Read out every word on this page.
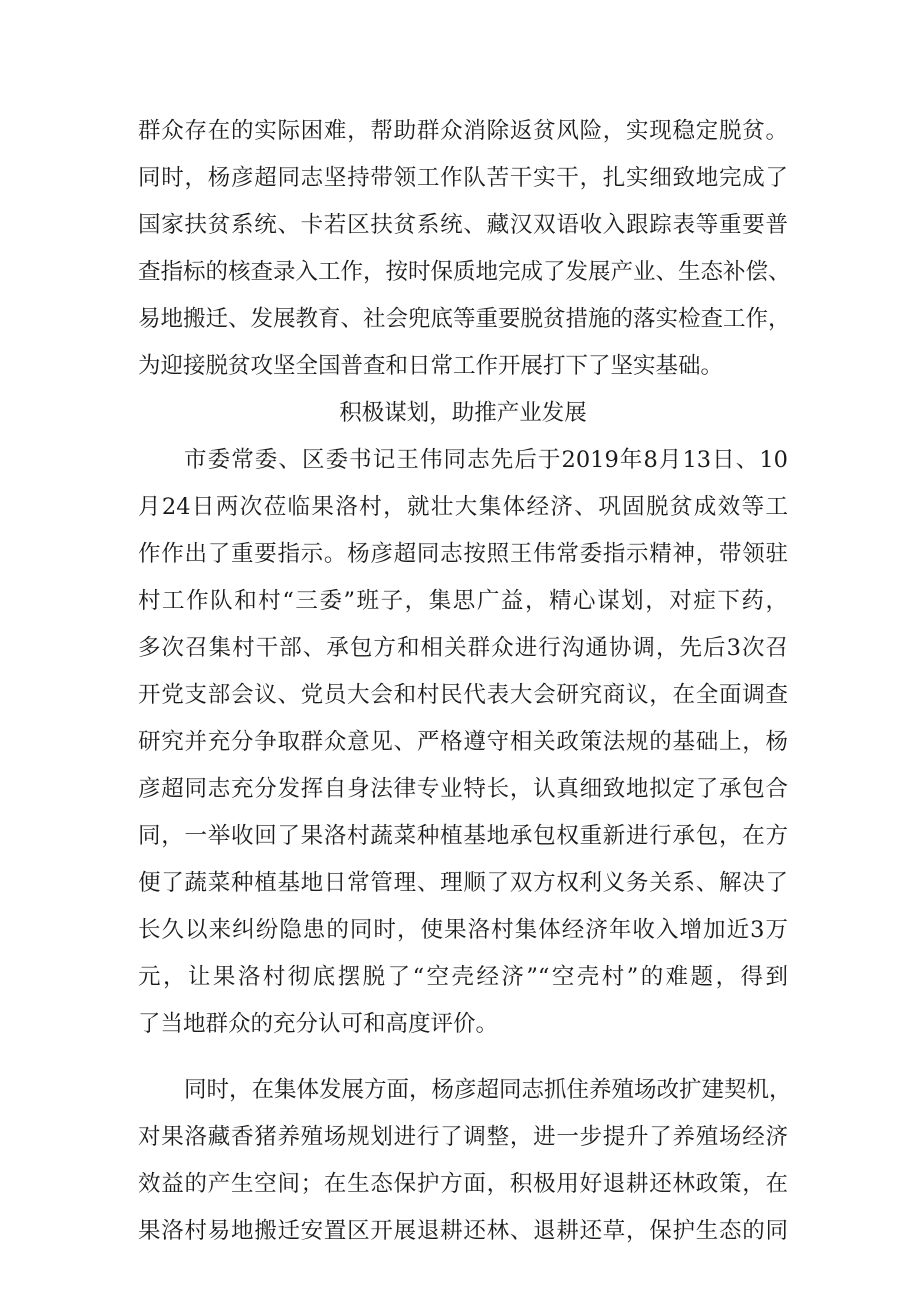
群众存在的实际困难，帮助群众消除返贫风险，实现稳定脱贫。
同时，杨彦超同志坚持带领工作队苦干实干，扎实细致地完成了
国家扶贫系统、卡若区扶贫系统、藏汉双语收入跟踪表等重要普
查指标的核查录入工作，按时保质地完成了发展产业、生态补偿、
易地搬迁、发展教育、社会兜底等重要脱贫措施的落实检查工作，
为迎接脱贫攻坚全国普查和日常工作开展打下了坚实基础。
积极谋划，助推产业发展
市委常委、区委书记王伟同志先后于2019年8月13日、10
月24日两次莅临果洛村，就壮大集体经济、巩固脱贫成效等工
作作出了重要指示。杨彦超同志按照王伟常委指示精神，带领驻
村工作队和村“三委”班子，集思广益，精心谋划，对症下药，
多次召集村干部、承包方和相关群众进行沟通协调，先后3次召
开党支部会议、党员大会和村民代表大会研究商议，在全面调查
研究并充分争取群众意见、严格遵守相关政策法规的基础上，杨
彦超同志充分发挥自身法律专业特长，认真细致地拟定了承包合
同，一举收回了果洛村蔬菜种植基地承包权重新进行承包，在方
便了蔬菜种植基地日常管理、理顺了双方权利义务关系、解决了
长久以来纠纷隐患的同时，使果洛村集体经济年收入增加近3万
元，让果洛村彻底摆脱了“空壳经济”“空壳村”的难题，得到
了当地群众的充分认可和高度评价。
同时，在集体发展方面，杨彦超同志抓住养殖场改扩建契机，
对果洛藏香猪养殖场规划进行了调整，进一步提升了养殖场经济
效益的产生空间；在生态保护方面，积极用好退耕还林政策，在
果洛村易地搬迁安置区开展退耕还林、退耕还草，保护生态的同
